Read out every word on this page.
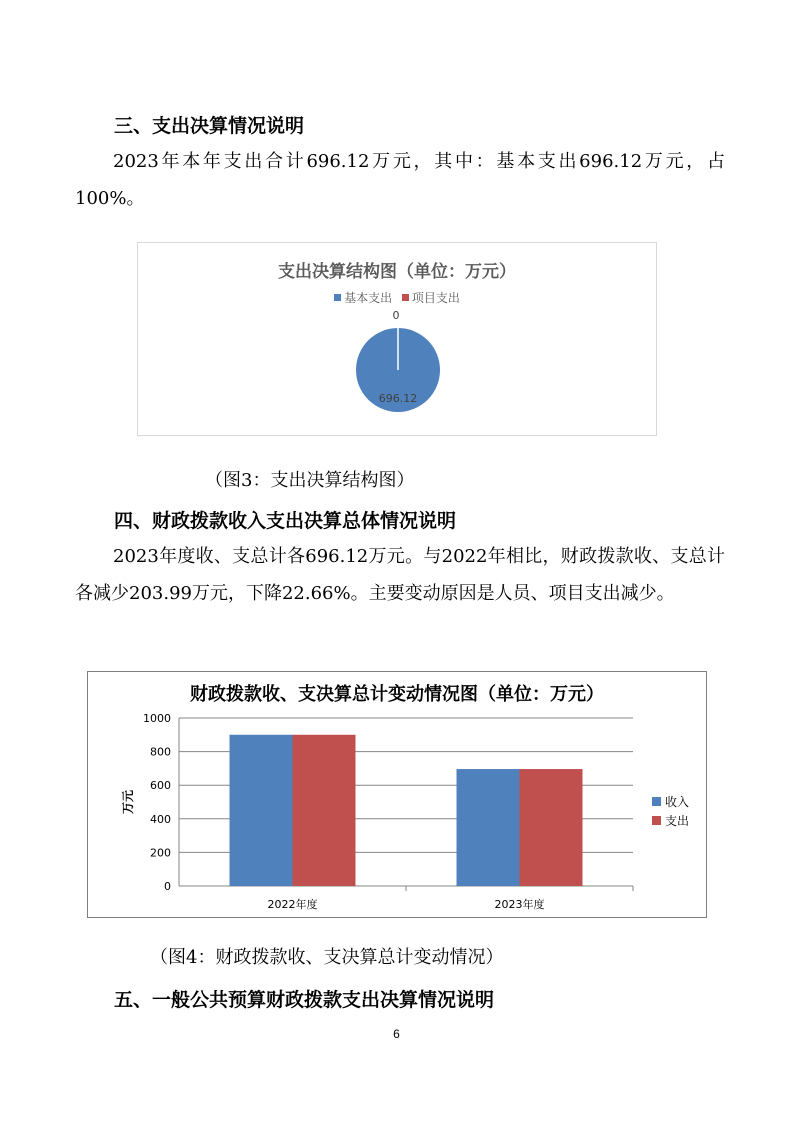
三、支出决算情况说明

2023年本年支出合计696.12万元，其中：基本支出696.12万元，占100%。

支出决算结构图（单位：万元）
基本支出
项目支出
696.12
0
（图3：支出决算结构图）
四、财政拨款收入支出决算总体情况说明

2023年度收、支总计各696.12万元。与2022年相比，财政拨款收、支总计各减少203.99万元，下降22.66%。主要变动原因是人员、项目支出减少。

财政拨款收、支决算总计变动情况图（单位：万元）
0
200
400
600
800
1000
万元
2022年度	2023年度
收入
支出
（图4：财政拨款收、支决算总计变动情况）
五、一般公共预算财政拨款支出决算情况说明
6
